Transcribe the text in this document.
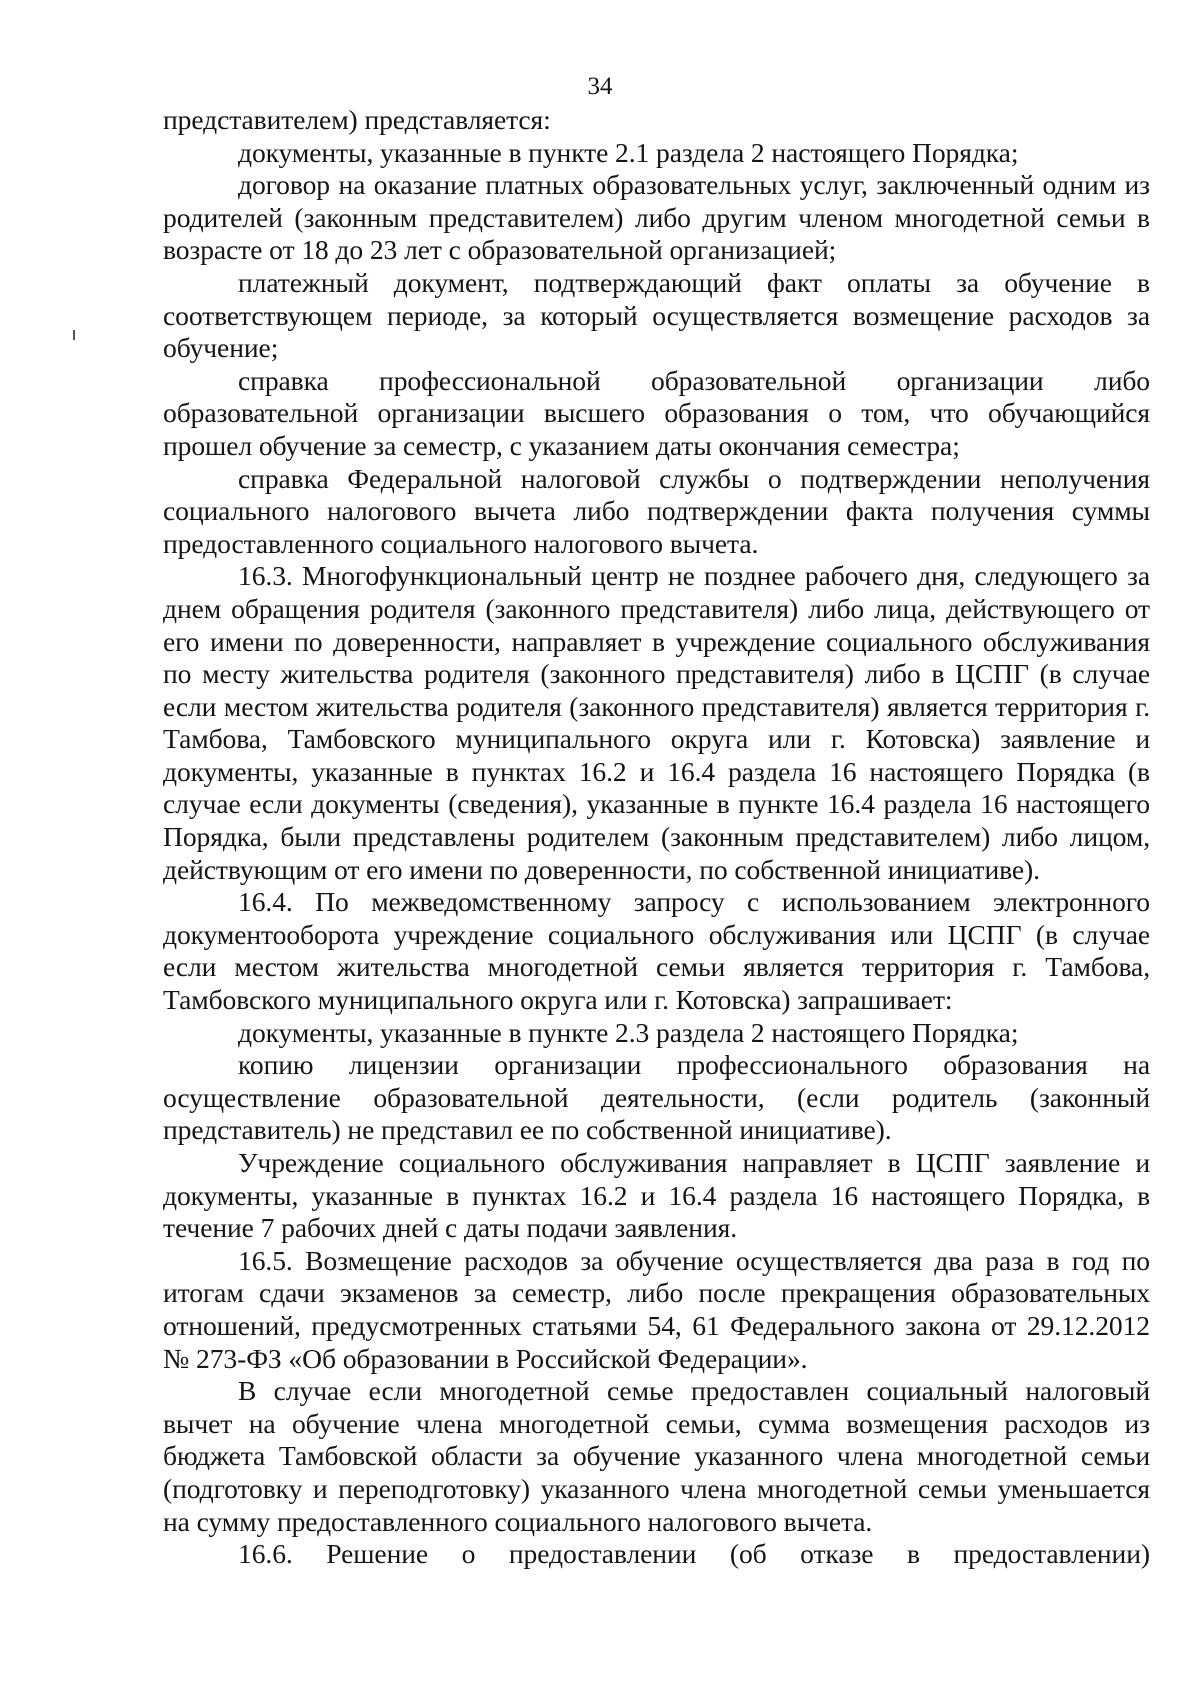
34

представителем) представляется:

документы, указанные в пункте 2.1 раздела 2 настоящего Порядка;

договор на оказание платных образовательных услуг, заключенный одним из родителей (законным представителем) либо другим членом многодетной семьи в возрасте от 18 до 23 лет с образовательной организацией;

платежный документ, подтверждающий факт оплаты за обучение в соответствующем периоде, за который осуществляется возмещение расходов за обучение;

справка профессиональной образовательной организации либо образовательной организации высшего образования о том, что обучающийся прошел обучение за семестр, с указанием даты окончания семестра;

справка Федеральной налоговой службы о подтверждении неполучения социального налогового вычета либо подтверждении факта получения суммы предоставленного социального налогового вычета.

16.3. Многофункциональный центр не позднее рабочего дня, следующего за днем обращения родителя (законного представителя) либо лица, действующего от его имени по доверенности, направляет в учреждение социального обслуживания по месту жительства родителя (законного представителя) либо в ЦСПГ (в случае если местом жительства родителя (законного представителя) является территория г. Тамбова, Тамбовского муниципального округа или г. Котовска) заявление и документы, указанные в пунктах 16.2 и 16.4 раздела 16 настоящего Порядка (в случае если документы (сведения), указанные в пункте 16.4 раздела 16 настоящего Порядка, были представлены родителем (законным представителем) либо лицом, действующим от его имени по доверенности, по собственной инициативе).

16.4. По межведомственному запросу с использованием электронного документооборота учреждение социального обслуживания или ЦСПГ (в случае если местом жительства многодетной семьи является территория г. Тамбова, Тамбовского муниципального округа или г. Котовска) запрашивает:

документы, указанные в пункте 2.3 раздела 2 настоящего Порядка;

копию лицензии организации профессионального образования на осуществление образовательной деятельности, (если родитель (законный представитель) не представил ее по собственной инициативе).

Учреждение социального обслуживания направляет в ЦСПГ заявление и документы, указанные в пунктах 16.2 и 16.4 раздела 16 настоящего Порядка, в течение 7 рабочих дней с даты подачи заявления.

16.5. Возмещение расходов за обучение осуществляется два раза в год по итогам сдачи экзаменов за семестр, либо после прекращения образовательных отношений, предусмотренных статьями 54, 61 Федерального закона от 29.12.2012 № 273-ФЗ «Об образовании в Российской Федерации».

В случае если многодетной семье предоставлен социальный налоговый вычет на обучение члена многодетной семьи, сумма возмещения расходов из бюджета Тамбовской области за обучение указанного члена многодетной семьи (подготовку и переподготовку) указанного члена многодетной семьи уменьшается на сумму предоставленного социального налогового вычета.

16.6. Решение о предоставлении (об отказе в предоставлении)
